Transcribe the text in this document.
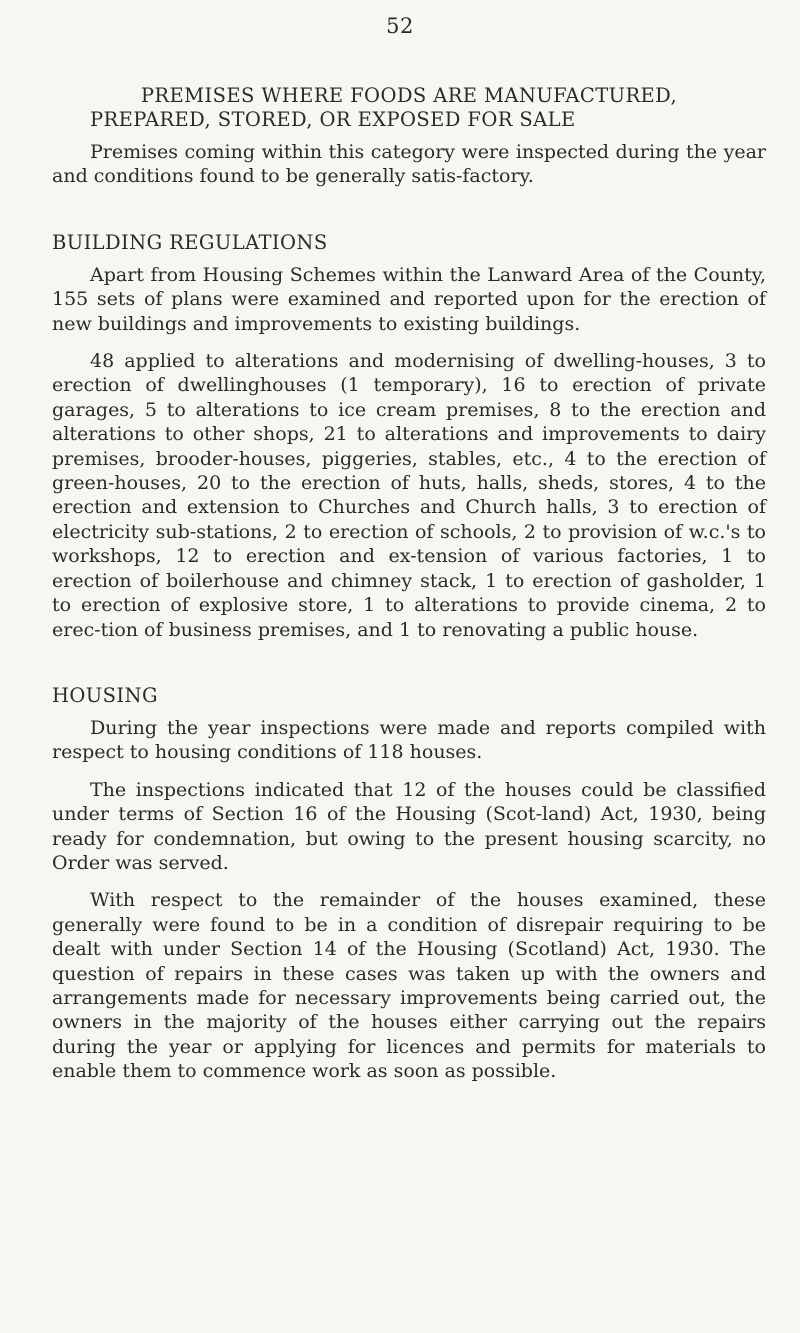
52
PREMISES WHERE FOODS ARE MANUFACTURED,
PREPARED, STORED, OR EXPOSED FOR SALE

Premises coming within this category were inspected during the year and conditions found to be generally satis-factory.

BUILDING REGULATIONS

Apart from Housing Schemes within the Lanward Area of the County, 155 sets of plans were examined and reported upon for the erection of new buildings and improvements to existing buildings.

48 applied to alterations and modernising of dwelling-houses, 3 to erection of dwellinghouses (1 temporary), 16 to erection of private garages, 5 to alterations to ice cream premises, 8 to the erection and alterations to other shops, 21 to alterations and improvements to dairy premises, brooder-houses, piggeries, stables, etc., 4 to the erection of green-houses, 20 to the erection of huts, halls, sheds, stores, 4 to the erection and extension to Churches and Church halls, 3 to erection of electricity sub-stations, 2 to erection of schools, 2 to provision of w.c.'s to workshops, 12 to erection and ex-tension of various factories, 1 to erection of boilerhouse and chimney stack, 1 to erection of gasholder, 1 to erection of explosive store, 1 to alterations to provide cinema, 2 to erec-tion of business premises, and 1 to renovating a public house.

HOUSING

During the year inspections were made and reports compiled with respect to housing conditions of 118 houses.

The inspections indicated that 12 of the houses could be classified under terms of Section 16 of the Housing (Scot-land) Act, 1930, being ready for condemnation, but owing to the present housing scarcity, no Order was served.

With respect to the remainder of the houses examined, these generally were found to be in a condition of disrepair requiring to be dealt with under Section 14 of the Housing (Scotland) Act, 1930. The question of repairs in these cases was taken up with the owners and arrangements made for necessary improvements being carried out, the owners in the majority of the houses either carrying out the repairs during the year or applying for licences and permits for materials to enable them to commence work as soon as possible.
